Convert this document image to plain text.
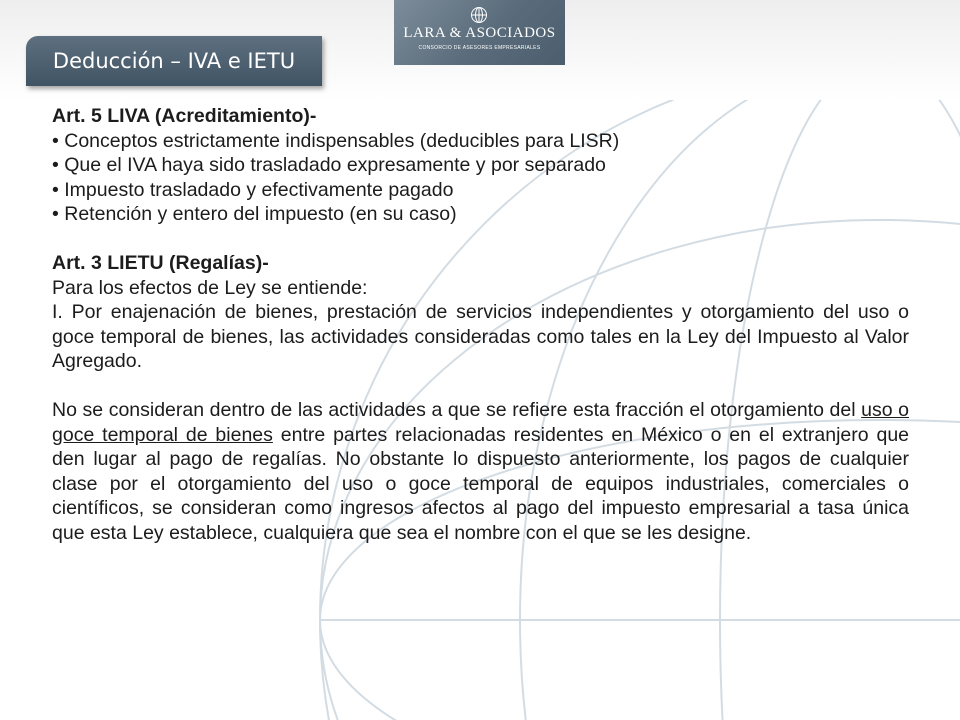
LARA & ASOCIADOS
CONSORCIO DE ASESORES EMPRESARIALES
Deducción – IVA e IETU

Art. 5 LIVA (Acreditamiento)-

• Conceptos estrictamente indispensables (deducibles para LISR)

• Que el IVA haya sido trasladado expresamente y por separado

• Impuesto trasladado y efectivamente pagado

• Retención y entero del impuesto (en su caso)

Art. 3 LIETU (Regalías)-

Para los efectos de Ley se entiende:

I. Por enajenación de bienes, prestación de servicios independientes y otorgamiento del uso o goce temporal de bienes, las actividades consideradas como tales en la Ley del Impuesto al Valor Agregado.

No se consideran dentro de las actividades a que se refiere esta fracción el otorgamiento del uso o goce temporal de bienes entre partes relacionadas residentes en México o en el extranjero que den lugar al pago de regalías. No obstante lo dispuesto anteriormente, los pagos de cualquier clase por el otorgamiento del uso o goce temporal de equipos industriales, comerciales o científicos, se consideran como ingresos afectos al pago del impuesto empresarial a tasa única que esta Ley establece, cualquiera que sea el nombre con el que se les designe.
